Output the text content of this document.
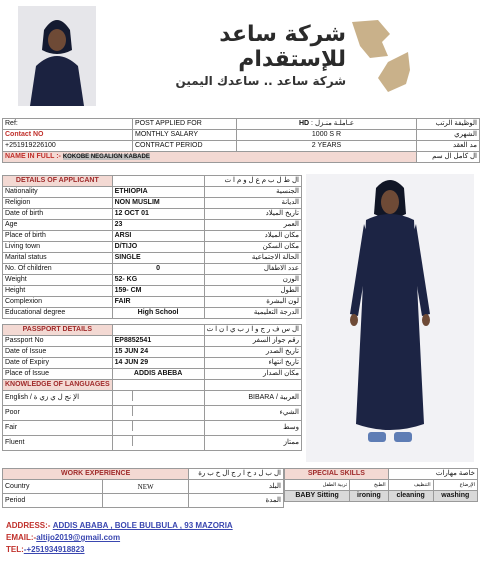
شركة ساعد للإستقدام
شركة ساعد .. ساعدك اليمين
Ref:	POST APPLIED FOR	HD : عـاملـة منـزل	الوظيفة الرتب
Contact NO	MONTHLY SALARY	1000 S R	الشهري
+251919226100	CONTRACT PERIOD	2 YEARS	مد العقد
NAME IN FULL :- KOKOBE NEGALIGN KABADE			ال كامل ال سم
DETAILS OF APPLICANT		ال ط ل ب م ع ل و م ا ت
Nationality	ETHIOPIA	الجنسية
Religion	NON MUSLIM	الديانة
Date of birth	12 OCT 01	تاريخ الميلاد
Age	23	العمر
Place of birth	ARSI	مكان الميلاد
Living town	D/TIJO	مكان السكن
Marital status	SINGLE	الحالة الاجتماعية
No. Of children	0	عدد الاطفال
Weight	52- KG	الوزن
Height	159- CM	الطول
Complexion	FAIR	لون البشرة
Educational degree	High School	الدرجة التعليمية

PASSPORT DETAILS		ال س ف ر ج و ا ز ب ي ا ن ا ت
Passport No	EP8852541	رقم جواز السفر
Date of Issue	15 JUN 24	تاريخ الصدر
Date of Expiry	14 JUN 29	تاريخ انتهاء
Place of Issue	ADDIS ABEBA	مكان الصدار
KNOWLEDGE OF LANGUAGES		
English / الإ نج ل ي زي ة		العربية / BIBARA
Poor		الشيء
Fair		وسط
Fluent		ممتاز
WORK EXPERIENCE		ال ب ل د خ ا ر ج ال خ ب رة
Country	NEW	البلد
Period		المدة
SPECIAL SKILLS		خاصة مهارات	
تربية الطفل	الطبخ	التنظيف	الإرضاع
BABY Sitting	ironing	cleaning	washing
ADDRESS:- ADDIS ABABA , BOLE BULBULA , 93 MAZORIA
EMAIL:-altijo2019@gmail.com
TEL:-+251934918823
